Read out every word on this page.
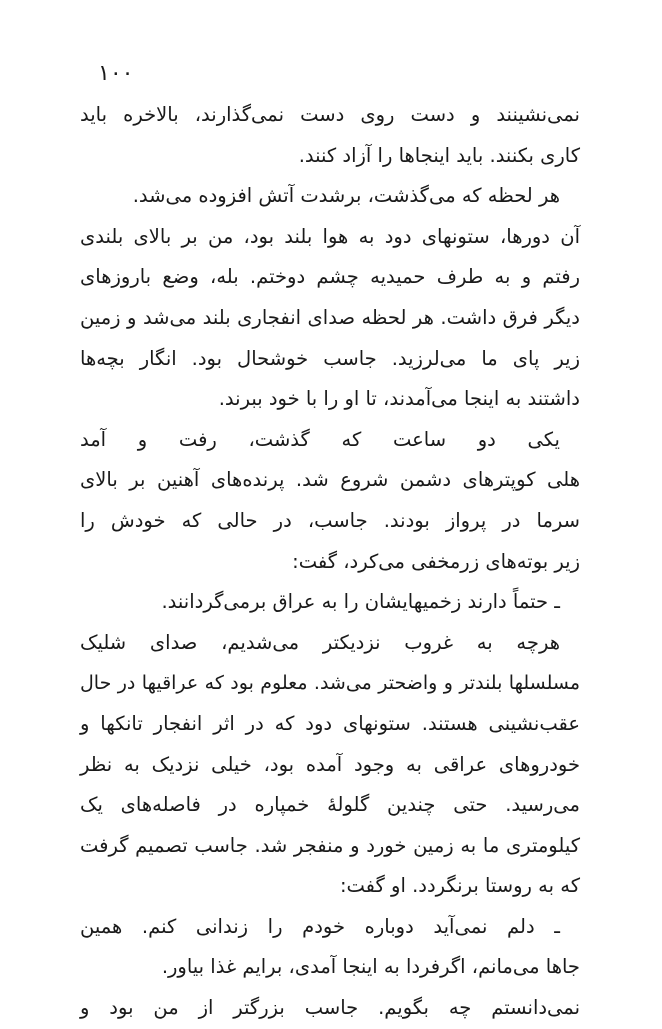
۱۰۰
نمی‌نشینند و دست روی دست نمی‌گذارند، بالاخره باید
کاری بکنند. باید اینجاها را آزاد کنند.
هر لحظه که می‌گذشت، برشدت آتش افزوده می‌شد.
آن دورها، ستونهای دود به هوا بلند بود، من بر بالای بلندی
رفتم و به طرف حمیدیه چشم دوختم. بله، وضع باروزهای
دیگر فرق داشت. هر لحظه صدای انفجاری بلند می‌شد و زمین
زیر پای ما می‌لرزید. جاسب خوشحال بود. انگار بچه‌ها
داشتند به اینجا می‌آمدند، تا او را با خود ببرند.
یکی دو ساعت که گذشت، رفت و آمد
هلی کوپترهای دشمن شروع شد. پرنده‌های آهنین بر بالای
سرما در پرواز بودند. جاسب، در حالی که خودش را
زیر بوته‌های زرمخفی می‌کرد، گفت:
ـ حتماً دارند زخمیهایشان را به عراق برمی‌گردانند.
هرچه به غروب نزدیکتر می‌شدیم، صدای شلیک
مسلسلها بلندتر و واضحتر می‌شد. معلوم بود که عراقیها در حال
عقب‌نشینی هستند. ستونهای دود که در اثر انفجار تانکها و
خودروهای عراقی به وجود آمده بود، خیلی نزدیک به نظر
می‌رسید. حتی چندین گلولهٔ خمپاره در فاصله‌های یک
کیلومتری ما به زمین خورد و منفجر شد. جاسب تصمیم گرفت
که به روستا برنگردد. او گفت:
ـ دلم نمی‌آید دوباره خودم را زندانی کنم. همین
جاها می‌مانم، اگرفردا به اینجا آمدی، برایم غذا بیاور.
نمی‌دانستم چه بگویم. جاسب بزرگتر از من بود و
